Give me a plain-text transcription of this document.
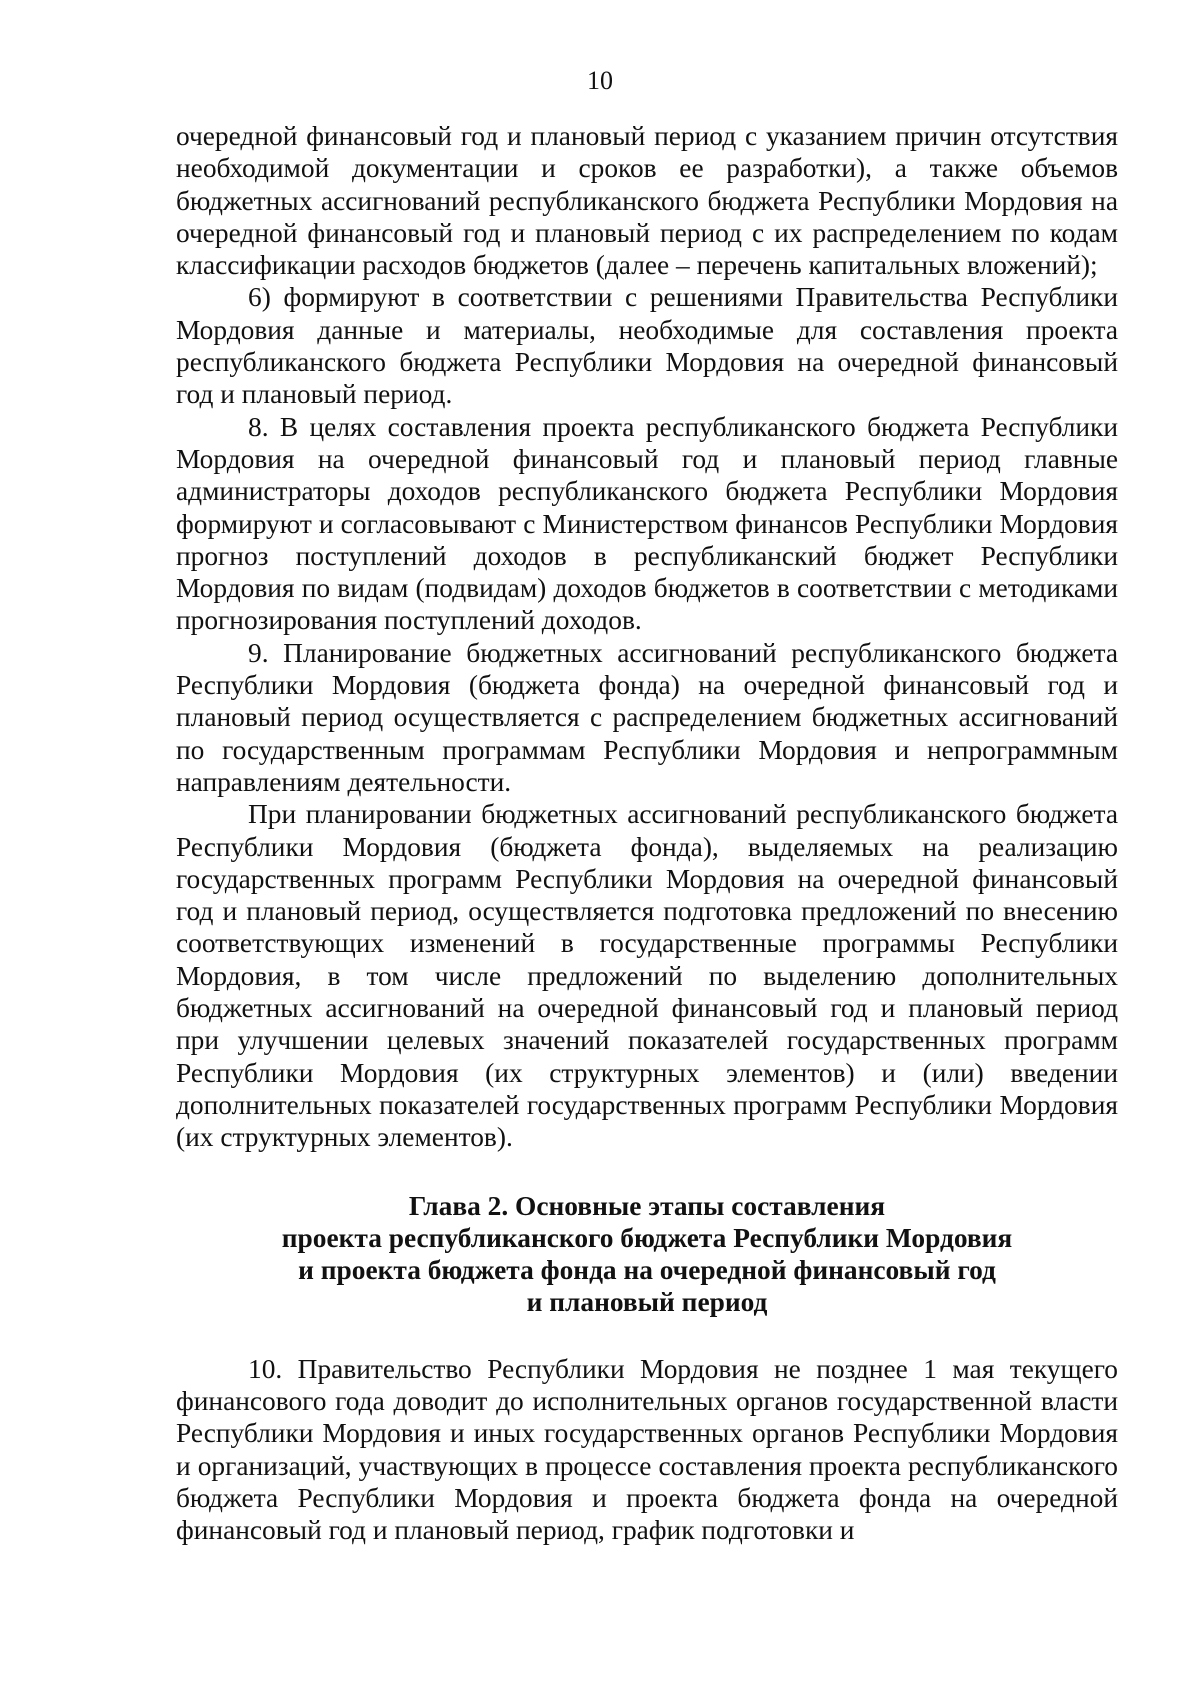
10

очередной финансовый год и плановый период с указанием причин отсутствия необходимой документации и сроков ее разработки), а также объемов бюджетных ассигнований республиканского бюджета Республики Мордовия на очередной финансовый год и плановый период с их распределением по кодам классификации расходов бюджетов (далее – перечень капитальных вложений);

6) формируют в соответствии с решениями Правительства Республики Мордовия данные и материалы, необходимые для составления проекта республиканского бюджета Республики Мордовия на очередной финансовый год и плановый период.

8. В целях составления проекта республиканского бюджета Республики Мордовия на очередной финансовый год и плановый период главные администраторы доходов республиканского бюджета Республики Мордовия формируют и согласовывают с Министерством финансов Республики Мордовия прогноз поступлений доходов в республиканский бюджет Республики Мордовия по видам (подвидам) доходов бюджетов в соответствии с методиками прогнозирования поступлений доходов.

9. Планирование бюджетных ассигнований республиканского бюджета Республики Мордовия (бюджета фонда) на очередной финансовый год и плановый период осуществляется с распределением бюджетных ассигнований по государственным программам Республики Мордовия и непрограммным направлениям деятельности.

При планировании бюджетных ассигнований республиканского бюджета Республики Мордовия (бюджета фонда), выделяемых на реализацию государственных программ Республики Мордовия на очередной финансовый год и плановый период, осуществляется подготовка предложений по внесению соответствующих изменений в государственные программы Республики Мордовия, в том числе предложений по выделению дополнительных бюджетных ассигнований на очередной финансовый год и плановый период при улучшении целевых значений показателей государственных программ Республики Мордовия (их структурных элементов) и (или) введении дополнительных показателей государственных программ Республики Мордовия (их структурных элементов).

Глава 2. Основные этапы составления
проекта республиканского бюджета Республики Мордовия
и проекта бюджета фонда на очередной финансовый год
и плановый период

10. Правительство Республики Мордовия не позднее 1 мая текущего финансового года доводит до исполнительных органов государственной власти Республики Мордовия и иных государственных органов Республики Мордовия и организаций, участвующих в процессе составления проекта республиканского бюджета Республики Мордовия и проекта бюджета фонда на очередной финансовый год и плановый период, график подготовки и
